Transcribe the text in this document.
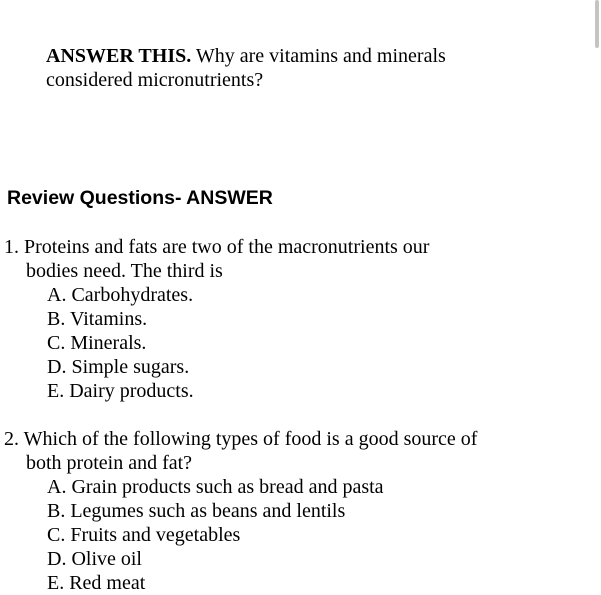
ANSWER THIS. Why are vitamins and minerals
considered micronutrients?
Review Questions- ANSWER
1. Proteins and fats are two of the macronutrients our
bodies need. The third is
A. Carbohydrates.
B. Vitamins.
C. Minerals.
D. Simple sugars.
E. Dairy products.
2. Which of the following types of food is a good source of
both protein and fat?
A. Grain products such as bread and pasta
B. Legumes such as beans and lentils
C. Fruits and vegetables
D. Olive oil
E. Red meat
